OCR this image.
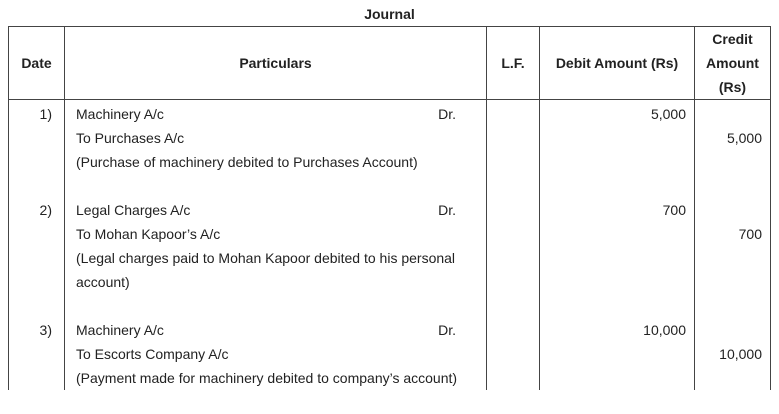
Journal
Date	Particulars	L.F.	Debit Amount (Rs)	Credit
Amount
(Rs)

1)	Machinery A/c Dr.
To Purchases A/c
(Purchase of machinery debited to Purchases Account)		5,000	5,000

2)	Legal Charges A/c Dr.
To Mohan Kapoor’s A/c
(Legal charges paid to Mohan Kapoor debited to his personal account)		700	700

3)	Machinery A/c Dr.
To Escorts Company A/c
(Payment made for machinery debited to company’s account)		10,000	10,000
